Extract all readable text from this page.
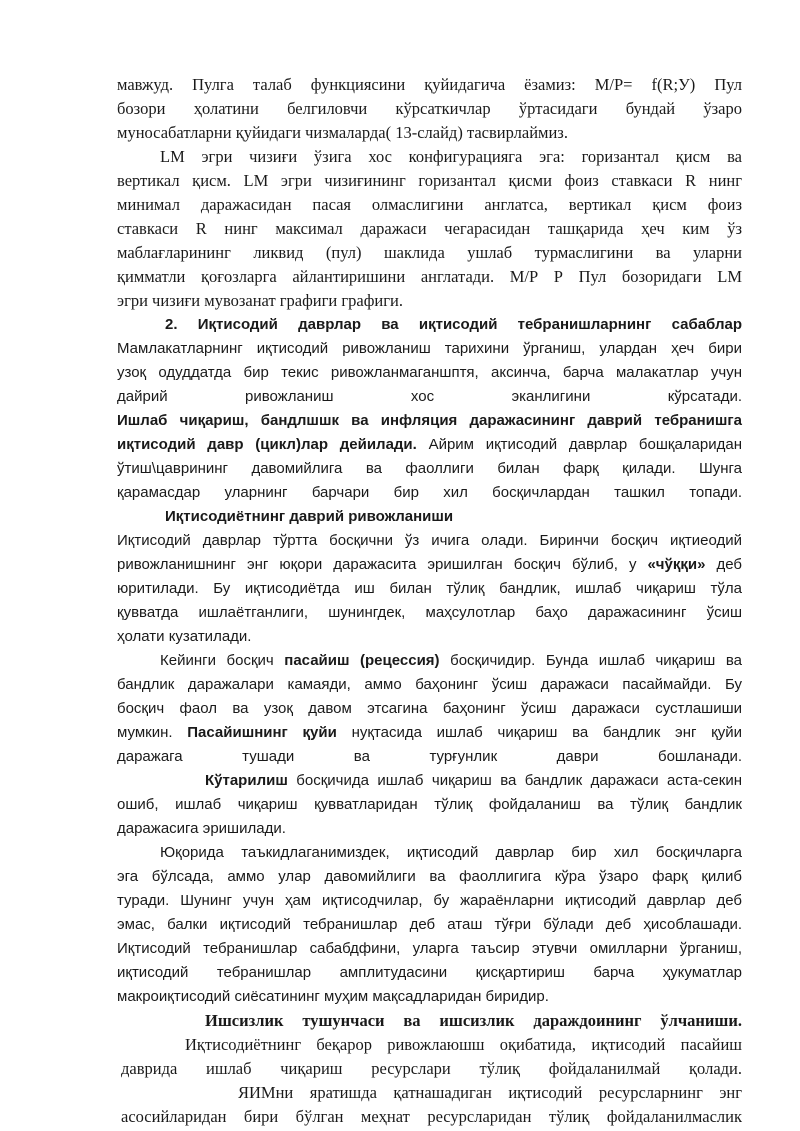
мавжуд. Пулга талаб функциясини қуйидагича ёзамиз: М/Р= f(R;У) Пул
бозори ҳолатини белгиловчи кўрсаткичлар ўртасидаги бундай ўзаро
муносабатларни қуйидаги чизмаларда( 13-слайд) тасвирлаймиз.
LM эгри чизиғи ўзига хос конфигурацияга эга: горизантал қисм ва
вертикал қисм. LM эгри чизиғининг горизантал қисми фоиз ставкаси R нинг
минимал даражасидан пасая олмаслигини англатса, вертикал қисм фоиз
ставкаси R нинг максимал даражаси чегарасидан ташқарида ҳеч ким ўз
маблағларининг ликвид (пул) шаклида ушлаб турмаслигини ва уларни
қимматли қоғозларга айлантиришини англатади. М/Р Р Пул бозоридаги LM
эгри чизиғи мувозанат графиги графиги.
2. Иқтисодий даврлар ва иқтисодий тебранишларнинг сабаблар
Мамлакатларнинг иқтисодий ривожланиш тарихини ўрганиш, улардан ҳеч бири
узоқ одуддатда бир текис ривожланмаганшптя, аксинча, барча малакатлар учун
дайрий ривожланиш хос эканлигини кўрсатади.
Ишлаб чиқариш, бандлшшк ва инфляция даражасининг даврий тебранишга
иқтисодий давр (цикл)лар дейилади. Айрим иқтисодий даврлар бошқаларидан
ўтиш\цаврининг давомийлига ва фаоллиги билан фарқ қилади. Шунга
қарамасдар уларнинг барчари бир хил босқичлардан ташкил топади.
Иқтисодиётнинг даврий ривожланиши
Иқтисодий даврлар тўртта босқични ўз ичига олади. Биринчи босқич иқтиеодий
ривожланишнинг энг юқори даражасита эришилган босқич бўлиб, у «чўққи» деб
юритилади. Бу иқтисодиётда иш билан тўлиқ бандлик, ишлаб чиқариш тўла
қувватда ишлаётганлиги, шунингдек, маҳсулотлар баҳо даражасининг ўсиш
ҳолати кузатилади.
Кейинги босқич пасайиш (рецессия) босқичидир. Бунда ишлаб чиқариш ва
бандлик даражалари камаяди, аммо баҳонинг ўсиш даражаси пасаймайди. Бу
босқич фаол ва узоқ давом этсагина баҳонинг ўсиш даражаси сустлашиши
мумкин. Пасайишнинг қуйи нуқтасида ишлаб чиқариш ва бандлик энг қуйи
даражага тушади ва турғунлик даври бошланади.
Кўтарилиш босқичида ишлаб чиқариш ва бандлик даражаси аста-секин
ошиб, ишлаб чиқариш қувватларидан тўлиқ фойдаланиш ва тўлиқ бандлик
даражасига эришилади.
Юқорида таъкидлаганимиздек, иқтисодий даврлар бир хил босқичларга
эга бўлсада, аммо улар давомийлиги ва фаоллигига кўра ўзаро фарқ қилиб
туради. Шунинг учун ҳам иқтисодчилар, бу жараёнларни иқтисодий даврлар деб
эмас, балки иқтисодий тебранишлар деб аташ тўғри бўлади деб ҳисоблашади.
Иқтисодий тебранишлар сабабдфини, уларга таъсир этувчи омилларни ўрганиш,
иқтисодий тебранишлар амплитудасини қисқартириш барча ҳукуматлар
макроиқтисодий сиёсатининг муҳим мақсадларидан биридир.
Ишсизлик тушунчаси ва ишсизлик дараждоининг ўлчаниши.
Иқтисодиётнинг беқарор ривожлаюшш оқибатида, иқтисодий пасайиш
даврида ишлаб чиқариш ресурслари тўлиқ фойдаланилмай қолади.
ЯИМни яратишда қатнашадиган иқтисодий ресурсларнинг энг
асосийларидан бири бўлган меҳнат ресурсларидан тўлиқ фойдаланилмаслик
